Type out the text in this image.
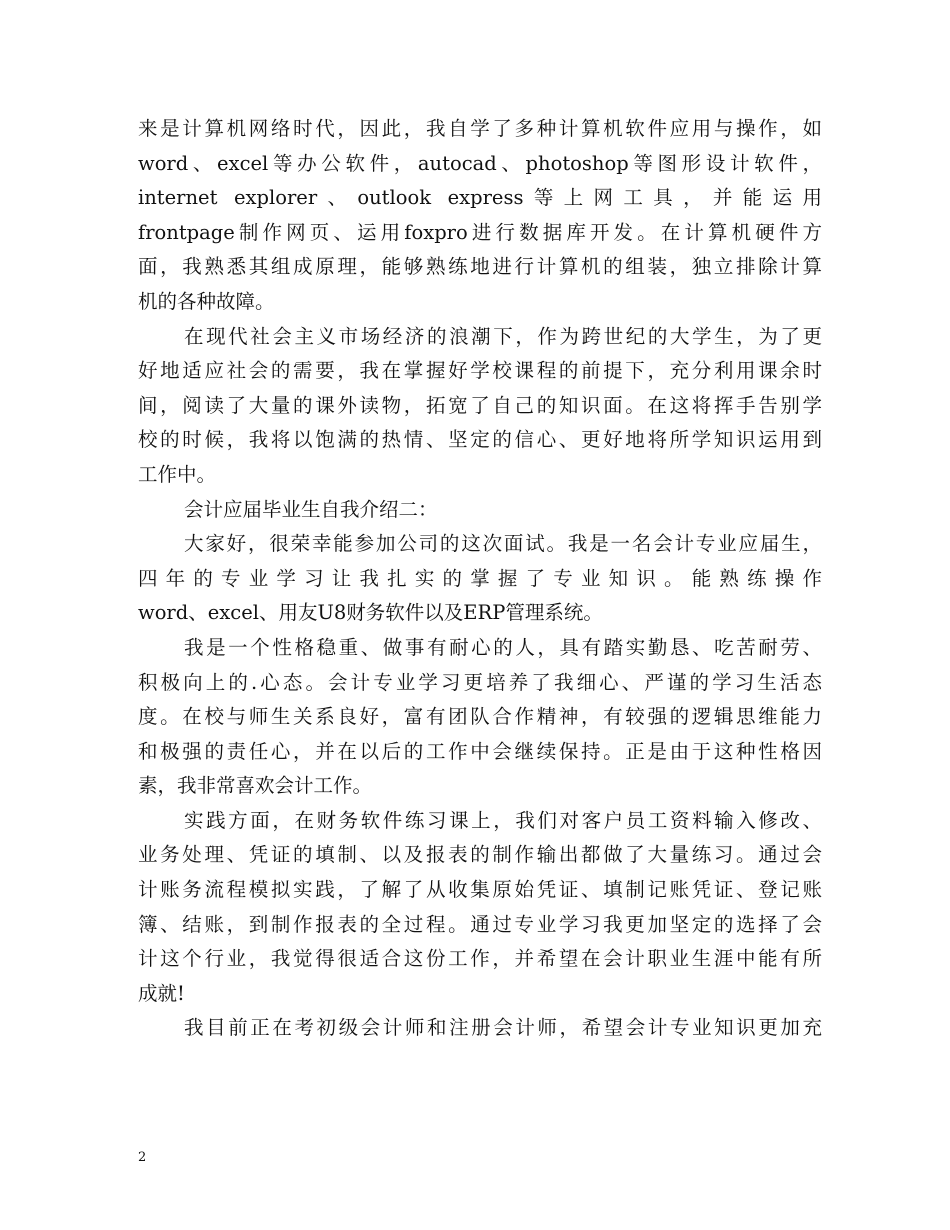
来是计算机网络时代，因此，我自学了多种计算机软件应用与操作，如
word、excel等办公软件，autocad、photoshop等图形设计软件，
internet explorer、outlook express等上网工具，并能运用
frontpage制作网页、运用foxpro进行数据库开发。在计算机硬件方
面，我熟悉其组成原理，能够熟练地进行计算机的组装，独立排除计算
机的各种故障。
在现代社会主义市场经济的浪潮下，作为跨世纪的大学生，为了更
好地适应社会的需要，我在掌握好学校课程的前提下，充分利用课余时
间，阅读了大量的课外读物，拓宽了自己的知识面。在这将挥手告别学
校的时候，我将以饱满的热情、坚定的信心、更好地将所学知识运用到
工作中。
会计应届毕业生自我介绍二：
大家好，很荣幸能参加公司的这次面试。我是一名会计专业应届生，
四年的专业学习让我扎实的掌握了专业知识。能熟练操作
word、excel、用友U8财务软件以及ERP管理系统。
我是一个性格稳重、做事有耐心的人，具有踏实勤恳、吃苦耐劳、
积极向上的.心态。会计专业学习更培养了我细心、严谨的学习生活态
度。在校与师生关系良好，富有团队合作精神，有较强的逻辑思维能力
和极强的责任心，并在以后的工作中会继续保持。正是由于这种性格因
素，我非常喜欢会计工作。
实践方面，在财务软件练习课上，我们对客户员工资料输入修改、
业务处理、凭证的填制、以及报表的制作输出都做了大量练习。通过会
计账务流程模拟实践，了解了从收集原始凭证、填制记账凭证、登记账
簿、结账，到制作报表的全过程。通过专业学习我更加坚定的选择了会
计这个行业，我觉得很适合这份工作，并希望在会计职业生涯中能有所
成就!
我目前正在考初级会计师和注册会计师，希望会计专业知识更加充
2
